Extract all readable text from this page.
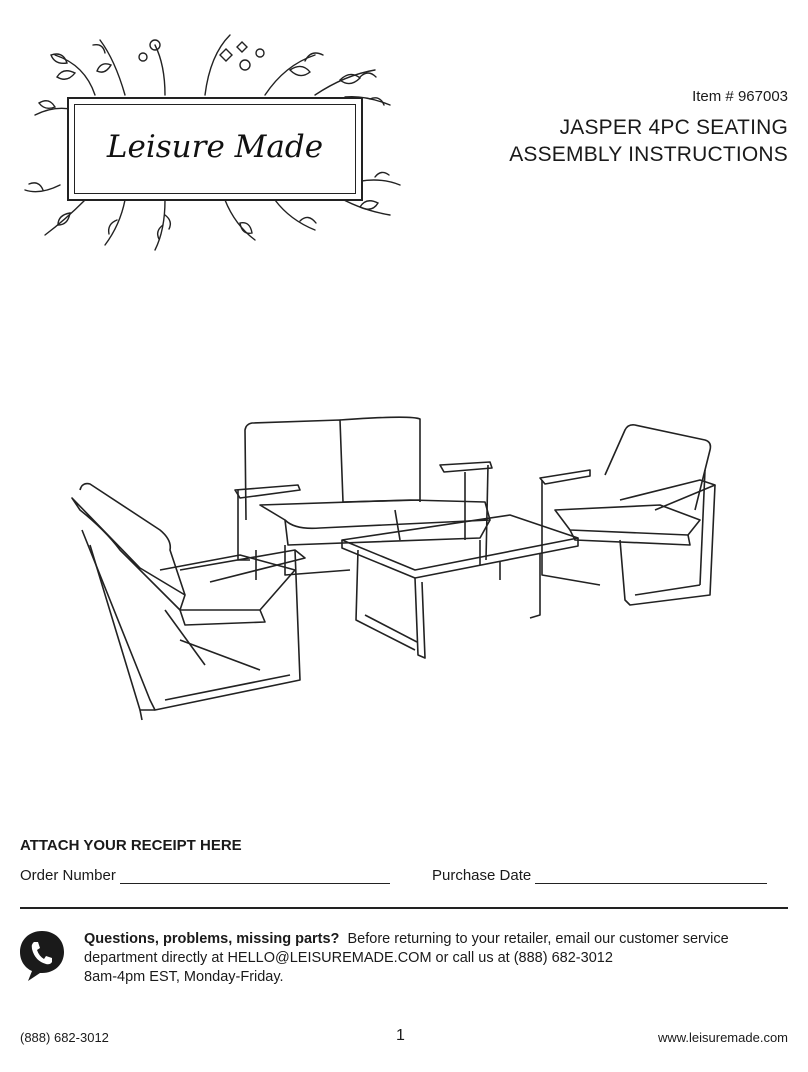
Leisure Made
Item # 967003
JASPER 4PC SEATING
ASSEMBLY INSTRUCTIONS
ATTACH YOUR RECEIPT HERE
Order Number	Purchase Date
Questions, problems, missing parts? Before returning to your retailer, email our customer service
department directly at HELLO@LEISUREMADE.COM or call us at (888) 682-3012
8am-4pm EST, Monday-Friday.
(888) 682-3012	1	www.leisuremade.com
